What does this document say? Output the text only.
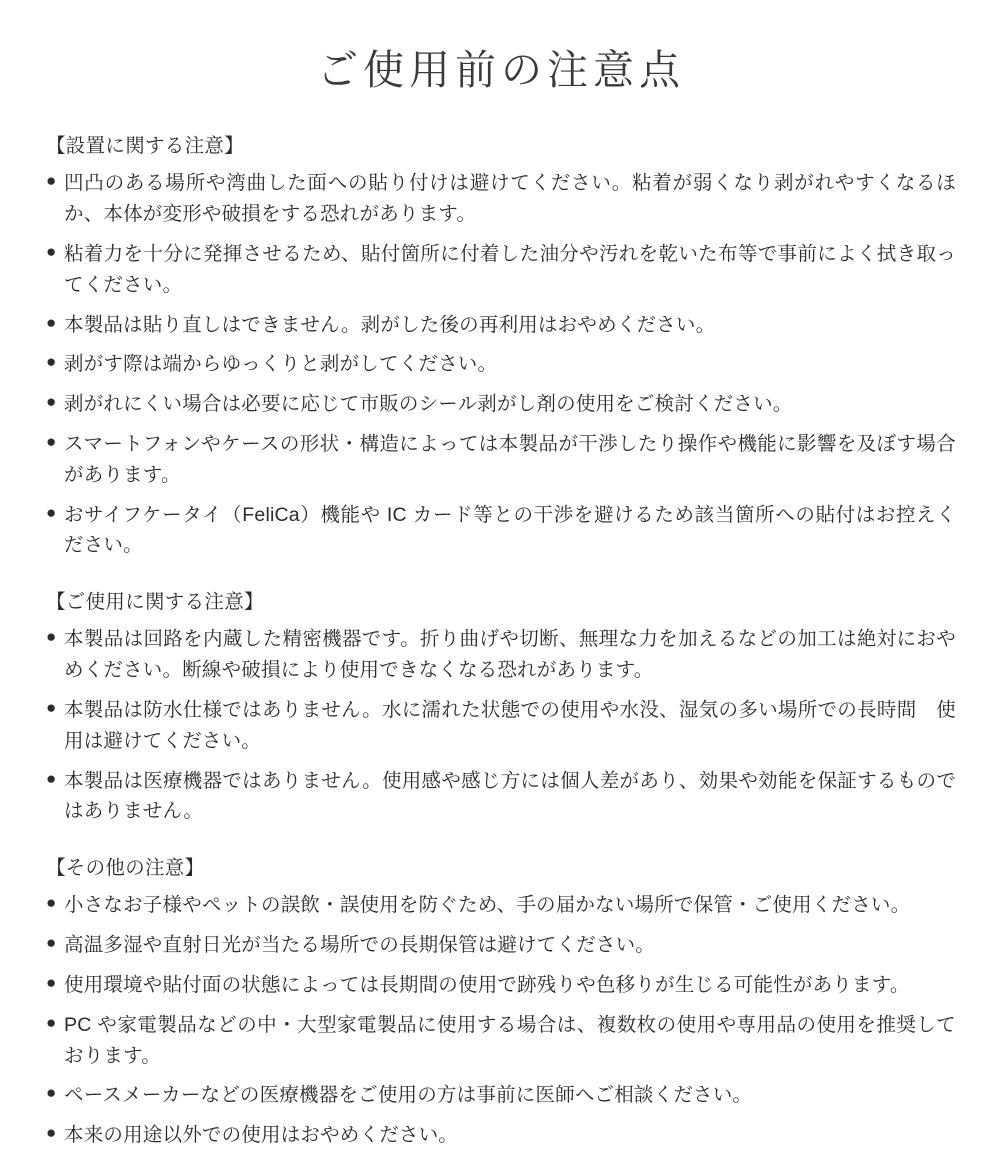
ご使用前の注意点
【設置に関する注意】
● 凹凸のある場所や湾曲した面への貼り付けは避けてください。粘着が弱くなり剥がれやすくなるほか、本体が変形や破損をする恐れがあります。
● 粘着力を十分に発揮させるため、貼付箇所に付着した油分や汚れを乾いた布等で事前によく拭き取ってください。
● 本製品は貼り直しはできません。剥がした後の再利用はおやめください。
● 剥がす際は端からゆっくりと剥がしてください。
● 剥がれにくい場合は必要に応じて市販のシール剥がし剤の使用をご検討ください。
● スマートフォンやケースの形状・構造によっては本製品が干渉したり操作や機能に影響を及ぼす場合があります。
● おサイフケータイ（FeliCa）機能や IC カード等との干渉を避けるため該当箇所への貼付はお控えください。
【ご使用に関する注意】
● 本製品は回路を内蔵した精密機器です。折り曲げや切断、無理な力を加えるなどの加工は絶対におやめください。断線や破損により使用できなくなる恐れがあります。
● 本製品は防水仕様ではありません。水に濡れた状態での使用や水没、湿気の多い場所での長時間　使用は避けてください。
● 本製品は医療機器ではありません。使用感や感じ方には個人差があり、効果や効能を保証するものではありません。
【その他の注意】
● 小さなお子様やペットの誤飲・誤使用を防ぐため、手の届かない場所で保管・ご使用ください。
● 高温多湿や直射日光が当たる場所での長期保管は避けてください。
● 使用環境や貼付面の状態によっては長期間の使用で跡残りや色移りが生じる可能性があります。
● PC や家電製品などの中・大型家電製品に使用する場合は、複数枚の使用や専用品の使用を推奨しております。
● ペースメーカーなどの医療機器をご使用の方は事前に医師へご相談ください。
● 本来の用途以外での使用はおやめください。
